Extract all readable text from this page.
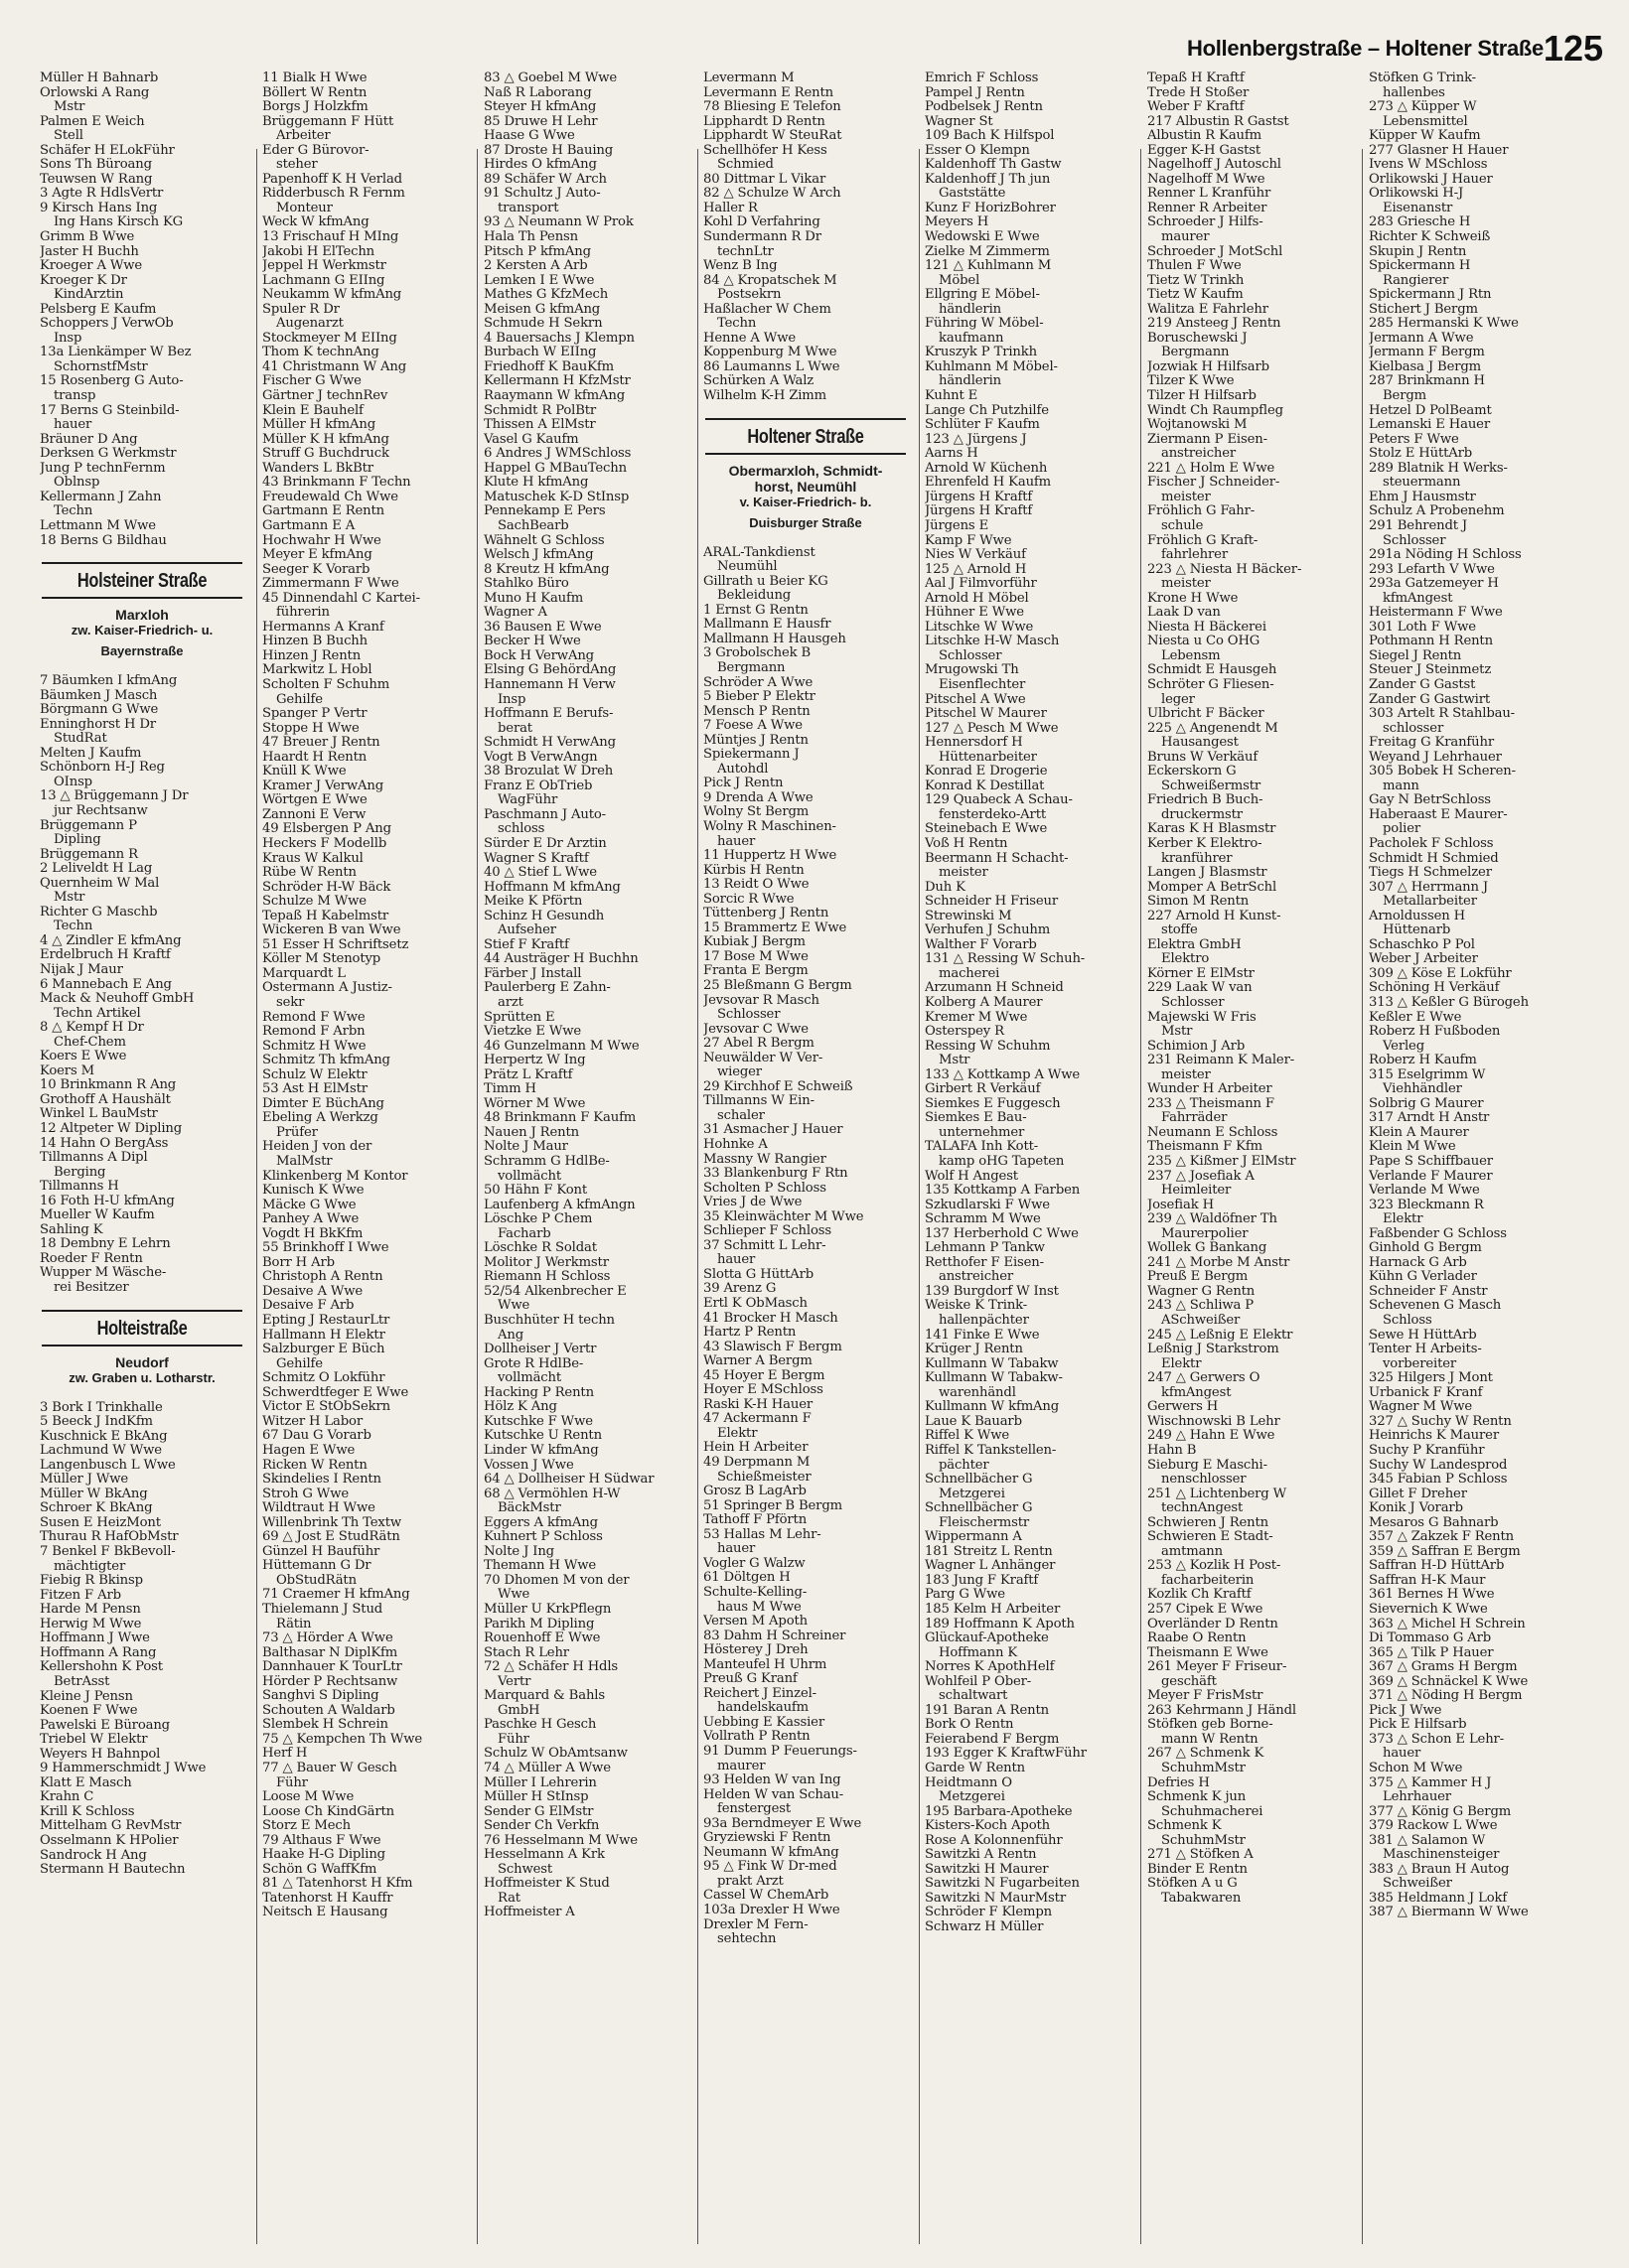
Hollenbergstraße – Holtener Straße 125
Müller H Bahnarb
Orlowski A Rang
Mstr
Palmen E Weich
Stell
Schäfer H ELokFühr
Sons Th Büroang
Teuwsen W Rang
3 Agte R HdlsVertr
9 Kirsch Hans Ing
Ing Hans Kirsch KG
Grimm B Wwe
Jaster H Buchh
Kroeger A Wwe
Kroeger K Dr
KindÄrztin
Pelsberg E Kaufm
Schoppers J VerwOb
Insp
13a Lienkämper W Bez
SchornstfMstr
15 Rosenberg G Auto-
transp
17 Berns G Steinbild-
hauer
Bräuner D Ang
Derksen G Werkmstr
Jung P technFernm
Oblnsp
Kellermann J Zahn
Techn
Lettmann M Wwe
18 Berns G Bildhau
Holsteiner Straße
Marxloh
zw. Kaiser-Friedrich- u.
Bayernstraße
7 Bäumken I kfmAng
Bäumken J Masch
Börgmann G Wwe
Enninghorst H Dr
StudRat
Melten J Kaufm
Schönborn H-J Reg
OInsp
13 △ Brüggemann J Dr
jur Rechtsanw
Brüggemann P
Dipling
Brüggemann R
2 Leliveldt H Lag
Quernheim W Mal
Mstr
Richter G Maschb
Techn
4 △ Zindler E kfmAng
Erdelbruch H Kraftf
Nijak J Maur
6 Mannebach E Ang
Mack & Neuhoff GmbH
Techn Artikel
8 △ Kempf H Dr
Chef-Chem
Koers E Wwe
Koers M
10 Brinkmann R Ang
Grothoff A Haushält
Winkel L BauMstr
12 Altpeter W Dipling
14 Hahn O BergAss
Tillmanns A Dipl
Berging
Tillmanns H
16 Foth H-U kfmAng
Mueller W Kaufm
Sahling K
18 Dembny E Lehrn
Roeder F Rentn
Wupper M Wäsche-
rei Besitzer
Holteistraße
Neudorf
zw. Graben u. Lotharstr.
3 Bork I Trinkhalle
5 Beeck J IndKfm
Kuschnick E BkAng
Lachmund W Wwe
Langenbusch L Wwe
Müller J Wwe
Müller W BkAng
Schroer K BkAng
Susen E HeizMont
Thurau R HafObMstr
7 Benkel F BkBevoll-
mächtigter
Fiebig R Bkinsp
Fitzen F Arb
Harde M Pensn
Herwig M Wwe
Hoffmann J Wwe
Hoffmann A Rang
Kellershohn K Post
BetrAsst
Kleine J Pensn
Koenen F Wwe
Pawelski E Büroang
Triebel W Elektr
Weyers H Bahnpol
9 Hammerschmidt J Wwe
Klatt E Masch
Krahn C
Krill K Schloss
Mittelham G RevMstr
Osselmann K HPolier
Sandrock H Ang
Stermann H Bautechn
11 Bialk H Wwe
Böllert W Rentn
Borgs J Holzkfm
Brüggemann F Hütt
Arbeiter
Eder G Bürovor-
steher
Papenhoff K H Verlad
Ridderbusch R Fernm
Monteur
Weck W kfmAng
13 Frischauf H MIng
Jakobi H ElTechn
Jeppel H Werkmstr
Lachmann G EIIng
Neukamm W kfmAng
Spuler R Dr
Augenarzt
Stockmeyer M EIIng
Thom K technAng
41 Christmann W Ang
Fischer G Wwe
Gärtner J technRev
Klein E Bauhelf
Müller H kfmAng
Müller K H kfmAng
Struff G Buchdruck
Wanders L BkBtr
43 Brinkmann F Techn
Freudewald Ch Wwe
Gartmann E Rentn
Gartmann E A
Hochwahr H Wwe
Meyer E kfmAng
Seeger K Vorarb
Zimmermann F Wwe
45 Dinnendahl C Kartei-
führerin
Hermanns A Kranf
Hinzen B Buchh
Hinzen J Rentn
Markwitz L Hobl
Scholten F Schuhm
Gehilfe
Spanger P Vertr
Stoppe H Wwe
47 Breuer J Rentn
Haardt H Rentn
Knüll K Wwe
Kramer J VerwAng
Wörtgen E Wwe
Zannoni E Verw
49 Elsbergen P Ang
Heckers F Modellb
Kraus W Kalkul
Rübe W Rentn
Schröder H-W Bäck
Schulze M Wwe
Tepaß H Kabelmstr
Wickeren B van Wwe
51 Esser H Schriftsetz
Köller M Stenotyp
Marquardt L
Ostermann A Justiz-
sekr
Remond F Wwe
Remond F Arbn
Schmitz H Wwe
Schmitz Th kfmAng
Schulz W Elektr
53 Ast H ElMstr
Dimter E BüchAng
Ebeling A Werkzg
Prüfer
Heiden J von der
MalMstr
Klinkenberg M Kontor
Kunisch K Wwe
Mäcke G Wwe
Panhey A Wwe
Vogdt H BkKfm
55 Brinkhoff I Wwe
Borr H Arb
Christoph A Rentn
Desaive A Wwe
Desaive F Arb
Epting J RestaurLtr
Hallmann H Elektr
Salzburger E Büch
Gehilfe
Schmitz O Lokführ
Schwerdtfeger E Wwe
Victor E StObSekrn
Witzer H Labor
67 Dau G Vorarb
Hagen E Wwe
Ricken W Rentn
Skindelies I Rentn
Stroh G Wwe
Wildtraut H Wwe
Willenbrink Th Textw
69 △ Jost E StudRätn
Günzel H Bauführ
Hüttemann G Dr
ObStudRätn
71 Craemer H kfmAng
Thielemann J Stud
Rätin
73 △ Hörder A Wwe
Balthasar N DiplKfm
Dannhauer K TourLtr
Hörder P Rechtsanw
Sanghvi S Dipling
Schouten A Waldarb
Slembek H Schrein
75 △ Kempchen Th Wwe
Herf H
77 △ Bauer W Gesch
Führ
Loose M Wwe
Loose Ch KindGärtn
Storz E Mech
79 Althaus F Wwe
Haake H-G Dipling
Schön G WaffKfm
81 △ Tatenhorst H Kfm
Tatenhorst H Kauffr
Neitsch E Hausang
83 △ Goebel M Wwe
Naß R Laborang
Steyer H kfmAng
85 Druwe H Lehr
Haase G Wwe
87 Droste H Bauing
Hirdes O kfmAng
89 Schäfer W Arch
91 Schultz J Auto-
transport
93 △ Neumann W Prok
Hala Th Pensn
Pitsch P kfmAng
2 Kersten A Arb
Lemken I E Wwe
Mathes G KfzMech
Meisen G kfmAng
Schmude H Sekrn
4 Bauersachs J Klempn
Burbach W EIIng
Friedhoff K BauKfm
Kellermann H KfzMstr
Raaymann W kfmAng
Schmidt R PolBtr
Thissen A ElMstr
Vasel G Kaufm
6 Andres J WMSchloss
Happel G MBauTechn
Klute H kfmAng
Matuschek K-D StInsp
Pennekamp E Pers
SachBearb
Wähnelt G Schloss
Welsch J kfmAng
8 Kreutz H kfmAng
Stahlko Büro
Muno H Kaufm
Wagner A
36 Bausen E Wwe
Becker H Wwe
Bock H VerwAng
Elsing G BehördAng
Hannemann H Verw
Insp
Hoffmann E Berufs-
berat
Schmidt H VerwAng
Vogt B VerwAngn
38 Brozulat W Dreh
Franz E ObTrieb
WagFühr
Paschmann J Auto-
schloss
Sürder E Dr Ärztin
Wagner S Kraftf
40 △ Stief L Wwe
Hoffmann M kfmAng
Meike K Pförtn
Schinz H Gesundh
Aufseher
Stief F Kraftf
44 Austräger H Buchhn
Färber J Install
Paulerberg E Zahn-
arzt
Sprütten E
Vietzke E Wwe
46 Gunzelmann M Wwe
Herpertz W Ing
Prätz L Kraftf
Timm H
Wörner M Wwe
48 Brinkmann F Kaufm
Nauen J Rentn
Nolte J Maur
Schramm G HdlBe-
vollmächt
50 Hähn F Kont
Laufenberg A kfmAngn
Löschke P Chem
Facharb
Löschke R Soldat
Molitor J Werkmstr
Riemann H Schloss
52/54 Alkenbrecher E
Wwe
Buschhüter H techn
Ang
Dollheiser J Vertr
Grote R HdlBe-
vollmächt
Hacking P Rentn
Hölz K Ang
Kutschke F Wwe
Kutschke U Rentn
Linder W kfmAng
Vossen J Wwe
64 △ Dollheiser H Südwar
68 △ Vermöhlen H-W
BäckMstr
Eggers A kfmAng
Kuhnert P Schloss
Nolte J Ing
Themann H Wwe
70 Dhomen M von der
Wwe
Müller U KrkPflegn
Parikh M Dipling
Rouenhoff E Wwe
Stach R Lehr
72 △ Schäfer H Hdls
Vertr
Marquard & Bahls
GmbH
Paschke H Gesch
Führ
Schulz W ObAmtsanw
74 △ Müller A Wwe
Müller I Lehrerin
Müller H StInsp
Sender G ElMstr
Sender Ch Verkfn
76 Hesselmann M Wwe
Hesselmann A Krk
Schwest
Hoffmeister K Stud
Rat
Hoffmeister A
Levermann M
Levermann E Rentn
78 Bliesing E Telefon
Lipphardt D Rentn
Lipphardt W SteuRat
Schellhöfer H Kess
Schmied
80 Dittmar L Vikar
82 △ Schulze W Arch
Haller R
Kohl D Verfahring
Sundermann R Dr
technLtr
Wenz B Ing
84 △ Kropatschek M
Postsekrn
Haßlacher W Chem
Techn
Henne A Wwe
Koppenburg M Wwe
86 Laumanns L Wwe
Schürken A Walz
Wilhelm K-H Zimm
Holtener Straße
Obermarxloh, Schmidt-
horst, Neumühl
v. Kaiser-Friedrich- b.
Duisburger Straße
ARAL-Tankdienst
Neumühl
Gillrath u Beier KG
Bekleidung
1 Ernst G Rentn
Mallmann E Hausfr
Mallmann H Hausgeh
3 Grobolschek B
Bergmann
Schröder A Wwe
5 Bieber P Elektr
Mensch P Rentn
7 Foese A Wwe
Müntjes J Rentn
Spiekermann J
Autohdl
Pick J Rentn
9 Drenda A Wwe
Wolny St Bergm
Wolny R Maschinen-
hauer
11 Huppertz H Wwe
Kürbis H Rentn
13 Reidt O Wwe
Sorcic R Wwe
Tüttenberg J Rentn
15 Brammertz E Wwe
Kubiak J Bergm
17 Bose M Wwe
Franta E Bergm
25 Bleßmann G Bergm
Jevsovar R Masch
Schlosser
Jevsovar C Wwe
27 Abel R Bergm
Neuwälder W Ver-
wieger
29 Kirchhof E Schweiß
Tillmanns W Ein-
schaler
31 Asmacher J Hauer
Hohnke A
Massny W Rangier
33 Blankenburg F Rtn
Scholten P Schloss
Vries J de Wwe
35 Kleinwächter M Wwe
Schlieper F Schloss
37 Schmitt L Lehr-
hauer
Slotta G HüttArb
39 Arenz G
Ertl K ObMasch
41 Brocker H Masch
Hartz P Rentn
43 Slawisch F Bergm
Warner A Bergm
45 Hoyer E Bergm
Hoyer E MSchloss
Raski K-H Hauer
47 Ackermann F
Elektr
Hein H Arbeiter
49 Derpmann M
Schießmeister
Grosz B LagArb
51 Springer B Bergm
Tathoff F Pförtn
53 Hallas M Lehr-
hauer
Vogler G Walzw
61 Döltgen H
Schulte-Kelling-
haus M Wwe
Versen M Apoth
83 Dahm H Schreiner
Hösterey J Dreh
Manteufel H Uhrm
Preuß G Kranf
Reichert J Einzel-
handelskaufm
Uebbing E Kassier
Vollrath P Rentn
91 Dumm P Feuerungs-
maurer
93 Helden W van Ing
Helden W van Schau-
fenstergest
93a Berndmeyer E Wwe
Gryziewski F Rentn
Neumann W kfmAng
95 △ Fink W Dr-med
prakt Arzt
Cassel W ChemArb
103a Drexler H Wwe
Drexler M Fern-
sehtechn
Emrich F Schloss
Pampel J Rentn
Podbelsek J Rentn
Wagner St
109 Bach K Hilfspol
Esser O Klempn
Kaldenhoff Th Gastw
Kaldenhoff J Th jun
Gaststätte
Kunz F HorizBohrer
Meyers H
Wedowski E Wwe
Zielke M Zimmerm
121 △ Kuhlmann M
Möbel
Ellgring E Möbel-
händlerin
Führing W Möbel-
kaufmann
Kruszyk P Trinkh
Kuhlmann M Möbel-
händlerin
Kuhnt E
Lange Ch Putzhilfe
Schlüter F Kaufm
123 △ Jürgens J
Aarns H
Arnold W Küchenh
Ehrenfeld H Kaufm
Jürgens H Kraftf
Jürgens H Kraftf
Jürgens E
Kamp F Wwe
Nies W Verkäuf
125 △ Arnold H
Aal J Filmvorführ
Arnold H Möbel
Hühner E Wwe
Litschke W Wwe
Litschke H-W Masch
Schlosser
Mrugowski Th
Eisenflechter
Pitschel A Wwe
Pitschel W Maurer
127 △ Pesch M Wwe
Hennersdorf H
Hüttenarbeiter
Konrad E Drogerie
Konrad K Destillat
129 Quabeck A Schau-
fensterdeko-Artt
Steinebach E Wwe
Voß H Rentn
Beermann H Schacht-
meister
Duh K
Schneider H Friseur
Strewinski M
Verhufen J Schuhm
Walther F Vorarb
131 △ Ressing W Schuh-
macherei
Arzumann H Schneid
Kolberg A Maurer
Kremer M Wwe
Osterspey R
Ressing W Schuhm
Mstr
133 △ Kottkamp A Wwe
Girbert R Verkäuf
Siemkes E Fuggesch
Siemkes E Bau-
unternehmer
TALAFA Inh Kott-
kamp oHG Tapeten
Wolf H Angest
135 Kottkamp A Farben
Szkudlarski F Wwe
Schramm M Wwe
137 Herberhold C Wwe
Lehmann P Tankw
Retthofer F Eisen-
anstreicher
139 Burgdorf W Inst
Weiske K Trink-
hallenpächter
141 Finke E Wwe
Krüger J Rentn
Kullmann W Tabakw
Kullmann W Tabakw-
warenhändl
Kullmann W kfmAng
Laue K Bauarb
Riffel K Wwe
Riffel K Tankstellen-
pächter
Schnellbächer G
Metzgerei
Schnellbächer G
Fleischermstr
Wippermann A
181 Streitz L Rentn
Wagner L Anhänger
183 Jung F Kraftf
Parg G Wwe
185 Kelm H Arbeiter
189 Hoffmann K Apoth
Glückauf-Apotheke
Hoffmann K
Norres K ApothHelf
Wohlfeil P Ober-
schaltwart
191 Baran A Rentn
Bork O Rentn
Feierabend F Bergm
193 Egger K KraftwFühr
Garde W Rentn
Heidtmann O
Metzgerei
195 Barbara-Apotheke
Kisters-Koch Apoth
Rose A Kolonnenführ
Sawitzki A Rentn
Sawitzki H Maurer
Sawitzki N Fugarbeiten
Sawitzki N MaurMstr
Schröder F Klempn
Schwarz H Müller
Tepaß H Kraftf
Trede H Stoßer
Weber F Kraftf
217 Albustin R Gastst
Albustin R Kaufm
Egger K-H Gastst
Nagelhoff J Autoschl
Nagelhoff M Wwe
Renner L Kranführ
Renner R Arbeiter
Schroeder J Hilfs-
maurer
Schroeder J MotSchl
Thulen F Wwe
Tietz W Trinkh
Tietz W Kaufm
Walitza E Fahrlehr
219 Ansteeg J Rentn
Boruschewski J
Bergmann
Jozwiak H Hilfsarb
Tilzer K Wwe
Tilzer H Hilfsarb
Windt Ch Raumpfleg
Wojtanowski M
Ziermann P Eisen-
anstreicher
221 △ Holm E Wwe
Fischer J Schneider-
meister
Fröhlich G Fahr-
schule
Fröhlich G Kraft-
fahrlehrer
223 △ Niesta H Bäcker-
meister
Krone H Wwe
Laak D van
Niesta H Bäckerei
Niesta u Co OHG
Lebensm
Schmidt E Hausgeh
Schröter G Fliesen-
leger
Ulbricht F Bäcker
225 △ Angenendt M
Hausangest
Bruns W Verkäuf
Eckerskorn G
Schweißermstr
Friedrich B Buch-
druckermstr
Karas K H Blasmstr
Kerber K Elektro-
kranführer
Langen J Blasmstr
Momper A BetrSchl
Simon M Rentn
227 Arnold H Kunst-
stoffe
Elektra GmbH
Elektro
Körner E ElMstr
229 Laak W van
Schlosser
Majewski W Fris
Mstr
Schimion J Arb
231 Reimann K Maler-
meister
Wunder H Arbeiter
233 △ Theismann F
Fahrräder
Neumann E Schloss
Theismann F Kfm
235 △ Kißmer J ElMstr
237 △ Josefiak A
Heimleiter
Josefiak H
239 △ Waldöfner Th
Maurerpolier
Wollek G Bankang
241 △ Morbe M Anstr
Preuß E Bergm
Wagner G Rentn
243 △ Schliwa P
ASchweißer
245 △ Leßnig E Elektr
Leßnig J Starkstrom
Elektr
247 △ Gerwers O
kfmAngest
Gerwers H
Wischnowski B Lehr
249 △ Hahn E Wwe
Hahn B
Sieburg E Maschi-
nenschlosser
251 △ Lichtenberg W
technAngest
Schwieren J Rentn
Schwieren E Stadt-
amtmann
253 △ Kozlik H Post-
facharbeiterin
Kozlik Ch Kraftf
257 Cipek E Wwe
Overländer D Rentn
Raabe O Rentn
Theismann E Wwe
261 Meyer F Friseur-
geschäft
Meyer F FrisMstr
263 Kehrmann J Händl
Stöfken geb Borne-
mann W Rentn
267 △ Schmenk K
SchuhmMstr
Defries H
Schmenk K jun
Schuhmacherei
Schmenk K
SchuhmMstr
271 △ Stöfken A
Binder E Rentn
Stöfken A u G
Tabakwaren
Stöfken G Trink-
hallenbes
273 △ Küpper W
Lebensmittel
Küpper W Kaufm
277 Glasner H Hauer
Ivens W MSchloss
Orlikowski J Hauer
Orlikowski H-J
Eisenanstr
283 Griesche H
Richter K Schweiß
Skupin J Rentn
Spickermann H
Rangierer
Spickermann J Rtn
Stichert J Bergm
285 Hermanski K Wwe
Jermann A Wwe
Jermann F Bergm
Kielbasa J Bergm
287 Brinkmann H
Bergm
Hetzel D PolBeamt
Lemanski E Hauer
Peters F Wwe
Stolz E HüttArb
289 Blatnik H Werks-
steuermann
Ehm J Hausmstr
Schulz A Probenehm
291 Behrendt J
Schlosser
291a Nöding H Schloss
293 Lefarth V Wwe
293a Gatzemeyer H
kfmAngest
Heistermann F Wwe
301 Loth F Wwe
Pothmann H Rentn
Siegel J Rentn
Steuer J Steinmetz
Zander G Gastst
Zander G Gastwirt
303 Artelt R Stahlbau-
schlosser
Freitag G Kranführ
Weyand J Lehrhauer
305 Bobek H Scheren-
mann
Gay N BetrSchloss
Haberaast E Maurer-
polier
Pacholek F Schloss
Schmidt H Schmied
Tiegs H Schmelzer
307 △ Herrmann J
Metallarbeiter
Arnoldussen H
Hüttenarb
Schaschko P Pol
Weber J Arbeiter
309 △ Köse E Lokführ
Schöning H Verkäuf
313 △ Keßler G Bürogeh
Keßler E Wwe
Roberz H Fußboden
Verleg
Roberz H Kaufm
315 Eselgrimm W
Viehhändler
Solbrig G Maurer
317 Arndt H Anstr
Klein A Maurer
Klein M Wwe
Pape S Schiffbauer
Verlande F Maurer
Verlande M Wwe
323 Bleckmann R
Elektr
Faßbender G Schloss
Ginhold G Bergm
Harnack G Arb
Kühn G Verlader
Schneider F Anstr
Schevenen G Masch
Schloss
Sewe H HüttArb
Tenter H Arbeits-
vorbereiter
325 Hilgers J Mont
Urbanick F Kranf
Wagner M Wwe
327 △ Suchy W Rentn
Heinrichs K Maurer
Suchy P Kranführ
Suchy W Landesprod
345 Fabian P Schloss
Gillet F Dreher
Konik J Vorarb
Mesaros G Bahnarb
357 △ Zakzek F Rentn
359 △ Saffran E Bergm
Saffran H-D HüttArb
Saffran H-K Maur
361 Bernes H Wwe
Sievernich K Wwe
363 △ Michel H Schrein
Di Tommaso G Arb
365 △ Tilk P Hauer
367 △ Grams H Bergm
369 △ Schnäckel K Wwe
371 △ Nöding H Bergm
Pick J Wwe
Pick E Hilfsarb
373 △ Schon E Lehr-
hauer
Schon M Wwe
375 △ Kammer H J
Lehrhauer
377 △ König G Bergm
379 Rackow L Wwe
381 △ Salamon W
Maschinensteiger
383 △ Braun H Autog
Schweißer
385 Heldmann J Lokf
387 △ Biermann W Wwe
